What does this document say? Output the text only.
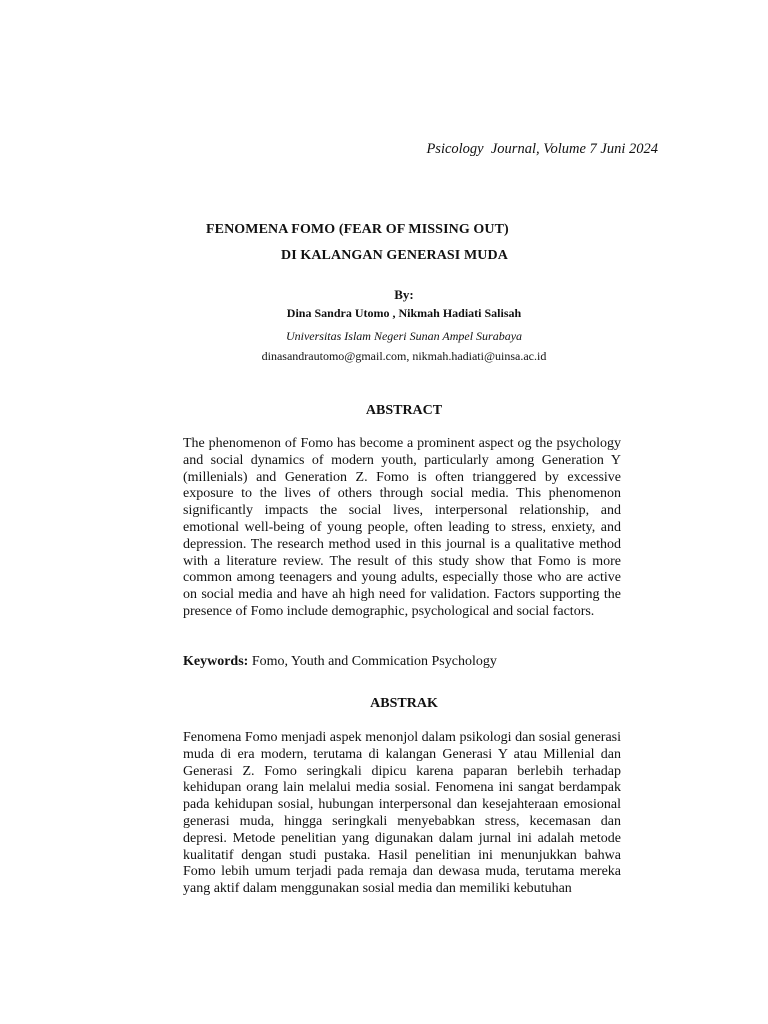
Psicology  Journal, Volume 7 Juni 2024
FENOMENA FOMO (FEAR OF MISSING OUT)
DI KALANGAN GENERASI MUDA
By:
Dina Sandra Utomo , Nikmah Hadiati Salisah
Universitas Islam Negeri Sunan Ampel Surabaya
dinasandrautomo@gmail.com, nikmah.hadiati@uinsa.ac.id
ABSTRACT

The phenomenon of Fomo has become a prominent aspect og the psychology and social dynamics of modern youth, particularly among Generation Y (millenials) and Generation Z. Fomo is often trianggered by excessive exposure to the lives of others through social media. This phenomenon significantly impacts the social lives, interpersonal relationship, and emotional well-being of young people, often leading to stress, enxiety, and depression. The research method used in this journal is a qualitative method with a literature review. The result of this study show that Fomo is more common among teenagers and young adults, especially those who are active on social media and have ah high need for validation. Factors supporting the presence of Fomo include demographic, psychological and social factors.

Keywords: Fomo, Youth and Commication Psychology

ABSTRAK

Fenomena Fomo menjadi aspek menonjol dalam psikologi dan sosial generasi muda di era modern, terutama di kalangan Generasi Y atau Millenial dan Generasi Z. Fomo seringkali dipicu karena paparan berlebih terhadap kehidupan orang lain melalui media sosial. Fenomena ini sangat berdampak pada kehidupan sosial, hubungan interpersonal dan kesejahteraan emosional generasi muda, hingga seringkali menyebabkan stress, kecemasan dan depresi. Metode penelitian yang digunakan dalam jurnal ini adalah metode kualitatif dengan studi pustaka. Hasil penelitian ini menunjukkan bahwa Fomo lebih umum terjadi pada remaja dan dewasa muda, terutama mereka yang aktif dalam menggunakan sosial media dan memiliki kebutuhan
